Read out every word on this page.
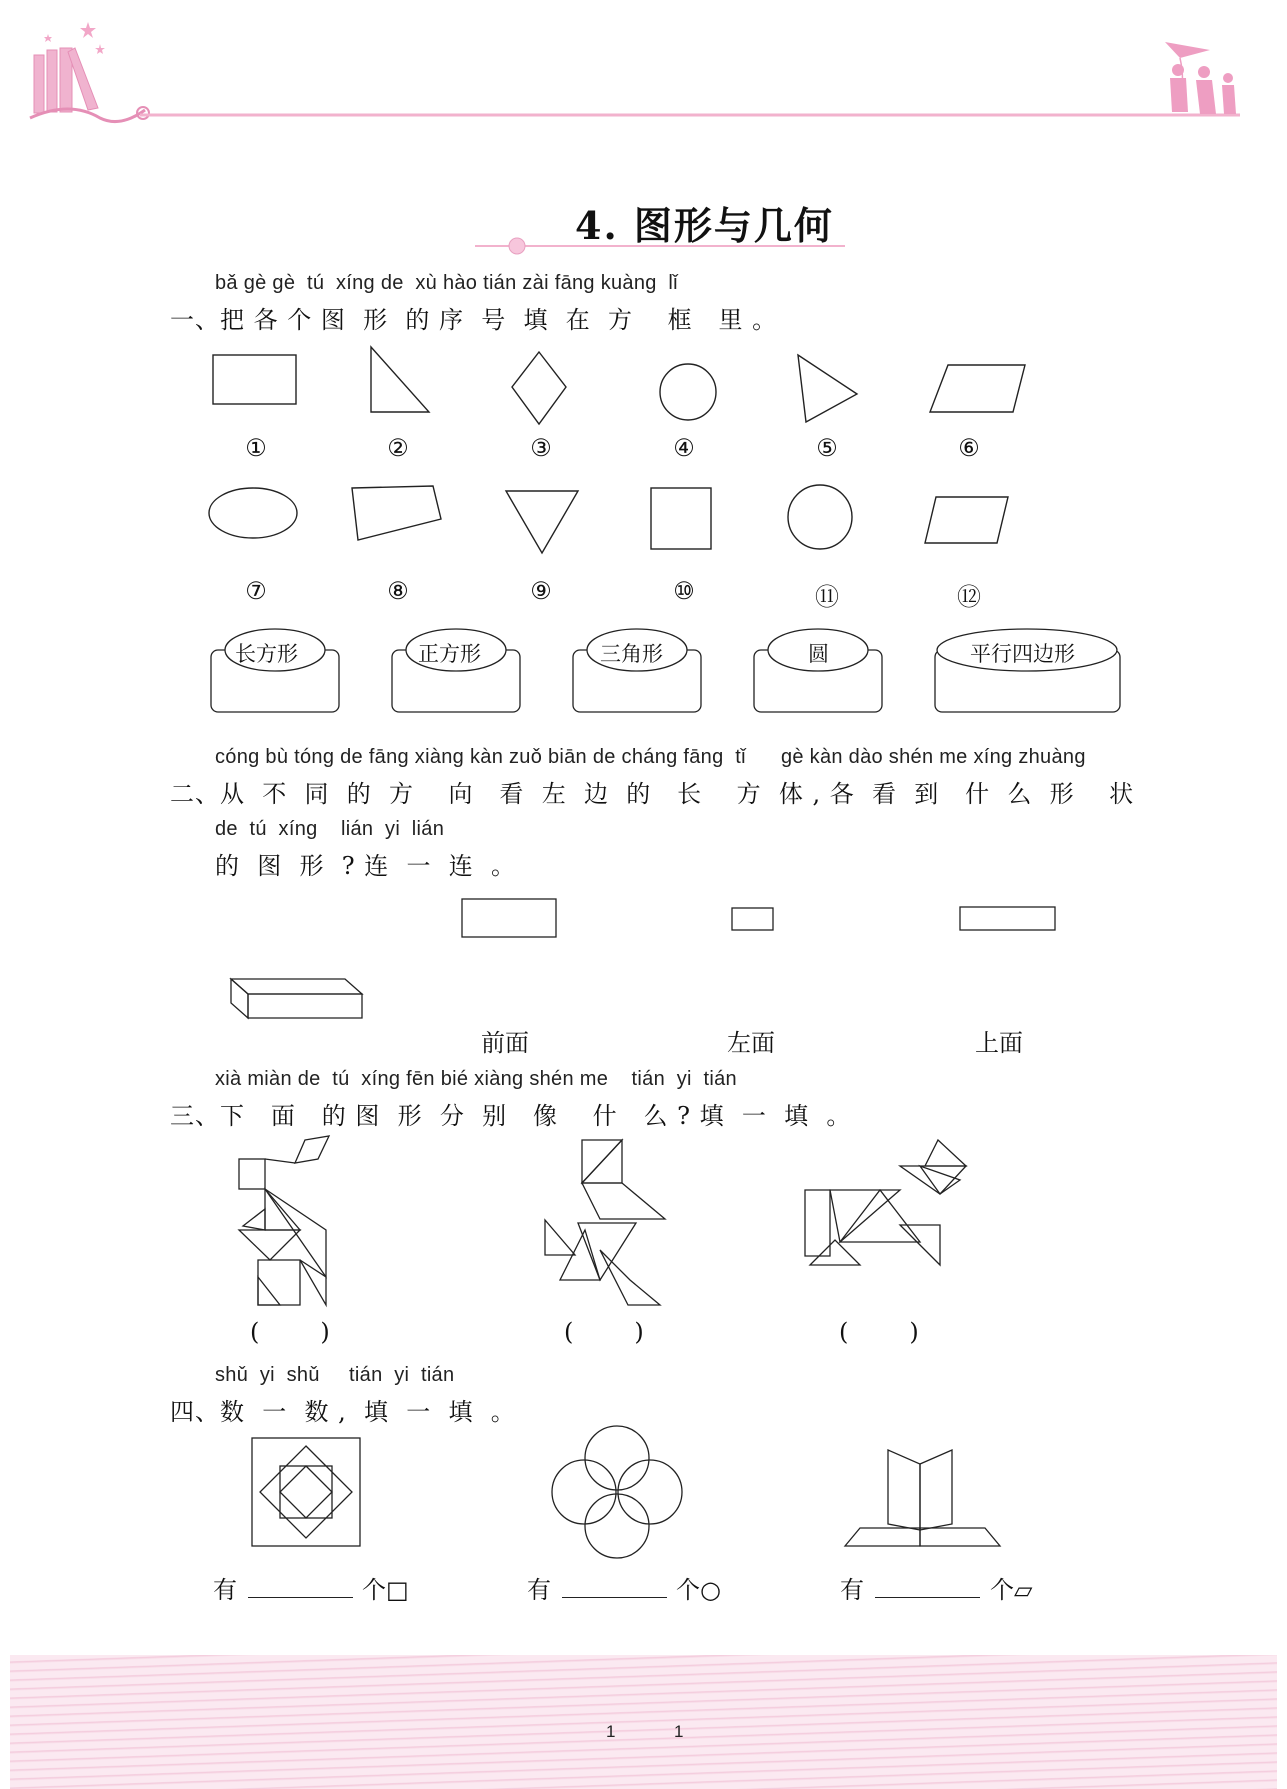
4. 图形与几何
bǎ gè gè  tú  xíng de  xù hào tián zài fāng kuàng  lǐ
一、把 各 个 图  形  的 序  号  填  在  方    框   里 。
①	②	③	④	⑤	⑥
⑦	⑧	⑨	⑩	⑪	⑫
长方形	正方形	三角形	圆	平行四边形
cóng bù tóng de fāng xiàng kàn zuǒ biān de cháng fāng  tǐ      gè kàn dào shén me xíng zhuàng
二、从  不  同  的  方    向   看  左  边  的   长    方  体 , 各  看  到   什  么  形    状
de  tú  xíng    lián  yi  lián
的  图  形  ? 连  一  连  。
前面	左面	上面
xià miàn de  tú  xíng fēn bié xiàng shén me    tián  yi  tián
三、下   面   的 图  形  分  别   像    什   么 ? 填  一  填  。
(        )	(        )	(        )
shǔ  yi  shǔ     tián  yi  tián
四、数  一  数 ,  填  一  填  。
有	个□	有	个○	有	个▱
1	1
